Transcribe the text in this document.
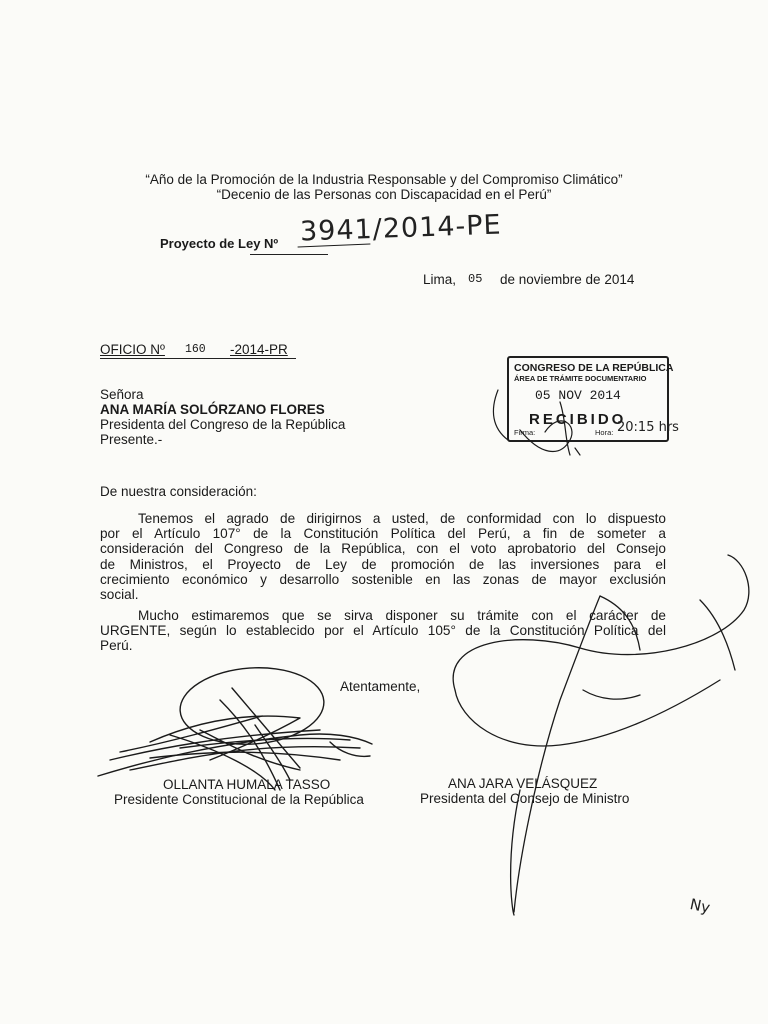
“Año de la Promoción de la Industria Responsable y del Compromiso Climático”
“Decenio de las Personas con Discapacidad en el Perú”
Proyecto de Ley Nº 3941/2014-PE
Lima, 05 de noviembre de 2014
OFICIO Nº 160 -2014-PR
CONGRESO DE LA REPÚBLICA
ÁREA DE TRÁMITE DOCUMENTARIO
05 NOV 2014
RECIBIDO
Firma:	Hora: 20:15 hrs
Señora
ANA MARÍA SOLÓRZANO FLORES
Presidenta del Congreso de la República
Presente.-
De nuestra consideración:
Tenemos el agrado de dirigirnos a usted, de conformidad con lo dispuesto
por el Artículo 107° de la Constitución Política del Perú, a fin de someter a
consideración del Congreso de la República, con el voto aprobatorio del Consejo
de Ministros, el Proyecto de Ley de promoción de las inversiones para el
crecimiento económico y desarrollo sostenible en las zonas de mayor exclusión
social.
Mucho estimaremos que se sirva disponer su trámite con el carácter de
URGENTE, según lo establecido por el Artículo 105° de la Constitución Política del
Perú.
Atentamente,
OLLANTA HUMALA TASSO
Presidente Constitucional de la República
ANA JARA VELÁSQUEZ
Presidenta del Consejo de Ministro
Ny
